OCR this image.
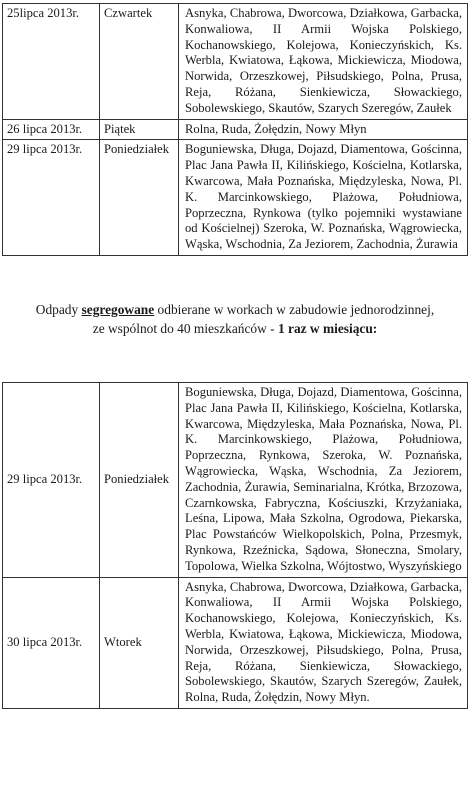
25lipca 2013r.	Czwartek	Asnyka, Chabrowa, Dworcowa, Działkowa, Garbacka, Konwaliowa, II Armii Wojska Polskiego, Kochanowskiego, Kolejowa, Konieczyńskich, Ks. Werbla, Kwiatowa, Łąkowa, Mickiewicza, Miodowa, Norwida, Orzeszkowej, Piłsudskiego, Polna, Prusa, Reja, Różana, Sienkiewicza, Słowackiego, Sobolewskiego, Skautów, Szarych Szeregów, Zaułek
26 lipca 2013r.	Piątek	Rolna, Ruda, Żołędzin, Nowy Młyn
29 lipca 2013r.	Poniedziałek	Boguniewska, Długa, Dojazd, Diamentowa, Gościnna, Plac Jana Pawła II, Kilińskiego, Kościelna, Kotlarska, Kwarcowa, Mała Poznańska, Międzyleska, Nowa, Pl. K. Marcinkowskiego, Plażowa, Południowa, Poprzeczna, Rynkowa (tylko pojemniki wystawiane od Kościelnej) Szeroka, W. Poznańska, Wągrowiecka, Wąska, Wschodnia, Za Jeziorem, Zachodnia, Żurawia
Odpady segregowane odbierane w workach w zabudowie jednorodzinnej,
ze wspólnot do 40 mieszkańców - 1 raz w miesiącu:
29 lipca 2013r.	Poniedziałek	Boguniewska, Długa, Dojazd, Diamentowa, Gościnna, Plac Jana Pawła II, Kilińskiego, Kościelna, Kotlarska, Kwarcowa, Międzyleska, Mała Poznańska, Nowa, Pl. K. Marcinkowskiego, Plażowa, Południowa, Poprzeczna, Rynkowa, Szeroka, W. Poznańska, Wągrowiecka, Wąska, Wschodnia, Za Jeziorem, Zachodnia, Żurawia, Seminarialna, Krótka, Brzozowa, Czarnkowska, Fabryczna, Kościuszki, Krzyżaniaka, Leśna, Lipowa, Mała Szkolna, Ogrodowa, Piekarska, Plac Powstańców Wielkopolskich, Polna, Przesmyk, Rynkowa, Rzeźnicka, Sądowa, Słoneczna, Smolary, Topolowa, Wielka Szkolna, Wójtostwo, Wyszyńskiego
30 lipca 2013r.	Wtorek	Asnyka, Chabrowa, Dworcowa, Działkowa, Garbacka, Konwaliowa, II Armii Wojska Polskiego, Kochanowskiego, Kolejowa, Konieczyńskich, Ks. Werbla, Kwiatowa, Łąkowa, Mickiewicza, Miodowa, Norwida, Orzeszkowej, Piłsudskiego, Polna, Prusa, Reja, Różana, Sienkiewicza, Słowackiego, Sobolewskiego, Skautów, Szarych Szeregów, Zaułek, Rolna, Ruda, Żołędzin, Nowy Młyn.
